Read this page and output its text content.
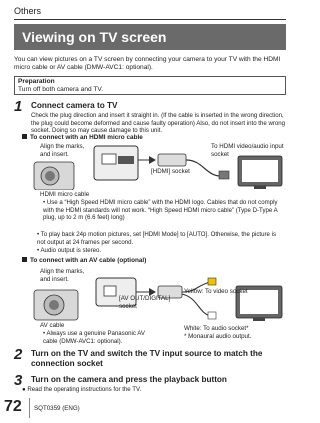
Others
Viewing on TV screen
You can view pictures on a TV screen by connecting your camera to your TV with the HDMI micro cable or AV cable (DMW-AVC1: optional).
Preparation
Turn off both camera and TV.
1 Connect camera to TV
Check the plug direction and insert it straight in. (If the cable is inserted in the wrong direction, the plug could become deformed and cause faulty operation) Also, do not insert into the wrong socket. Doing so may cause damage to this unit.
To connect with an HDMI micro cable
Align the marks, and insert.
To HDMI video/audio input socket
[HDMI] socket
HDMI micro cable
• Use a “High Speed HDMI micro cable” with the HDMI logo. Cables that do not comply with the HDMI standards will not work. “High Speed HDMI micro cable” (Type D-Type A plug, up to 2 m (6.6 feet) long)
• To play back 24p motion pictures, set [HDMI Mode] to [AUTO]. Otherwise, the picture is not output at 24 frames per second.
• Audio output is stereo.
To connect with an AV cable (optional)
Align the marks, and insert.
Yellow: To video socket
[AV OUT/DIGITAL] socket
AV cable
• Always use a genuine Panasonic AV cable (DMW-AVC1: optional).
White: To audio socket*
* Monaural audio output.
2 Turn on the TV and switch the TV input source to match the connection socket
3 Turn on the camera and press the playback button
● Read the operating instructions for the TV.
72 SQT0359 (ENG)
